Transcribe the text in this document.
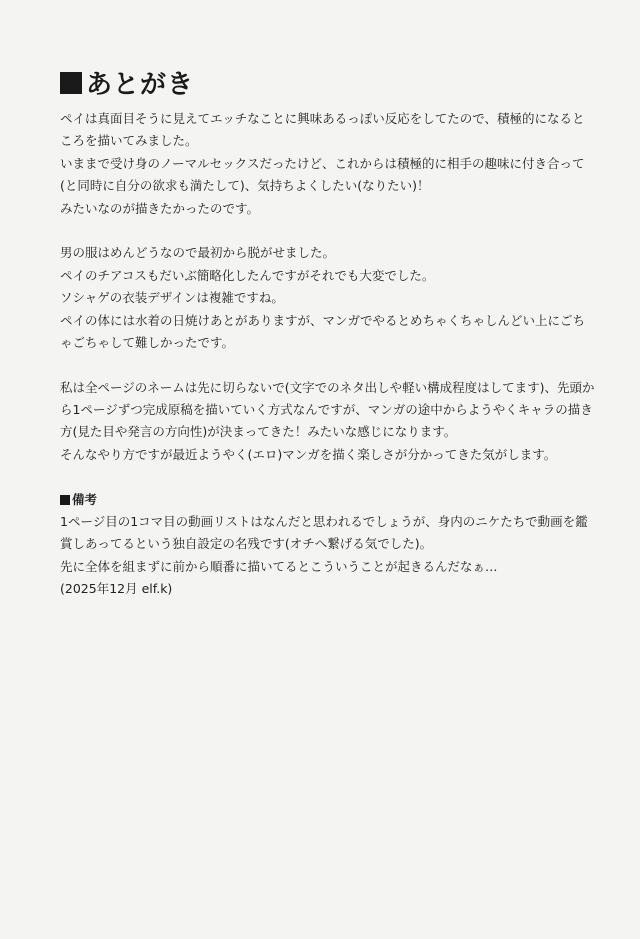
あとがき
ペイは真面目そうに見えてエッチなことに興味あるっぽい反応をしてたので、積極的になると
ころを描いてみました。
いままで受け身のノーマルセックスだったけど、これからは積極的に相手の趣味に付き合って
(と同時に自分の欲求も満たして)、気持ちよくしたい(なりたい)！
みたいなのが描きたかったのです。
男の服はめんどうなので最初から脱がせました。
ペイのチアコスもだいぶ簡略化したんですがそれでも大変でした。
ソシャゲの衣装デザインは複雑ですね。
ペイの体には水着の日焼けあとがありますが、マンガでやるとめちゃくちゃしんどい上にごち
ゃごちゃして難しかったです。
私は全ページのネームは先に切らないで(文字でのネタ出しや軽い構成程度はしてます)、先頭か
ら1ページずつ完成原稿を描いていく方式なんですが、マンガの途中からようやくキャラの描き
方(見た目や発言の方向性)が決まってきた！みたいな感じになります。
そんなやり方ですが最近ようやく(エロ)マンガを描く楽しさが分かってきた気がします。
備考
1ページ目の1コマ目の動画リストはなんだと思われるでしょうが、身内のニケたちで動画を鑑
賞しあってるという独自設定の名残です(オチへ繋げる気でした)。
先に全体を組まずに前から順番に描いてるとこういうことが起きるんだなぁ…
(2025年12月 elf.k)
